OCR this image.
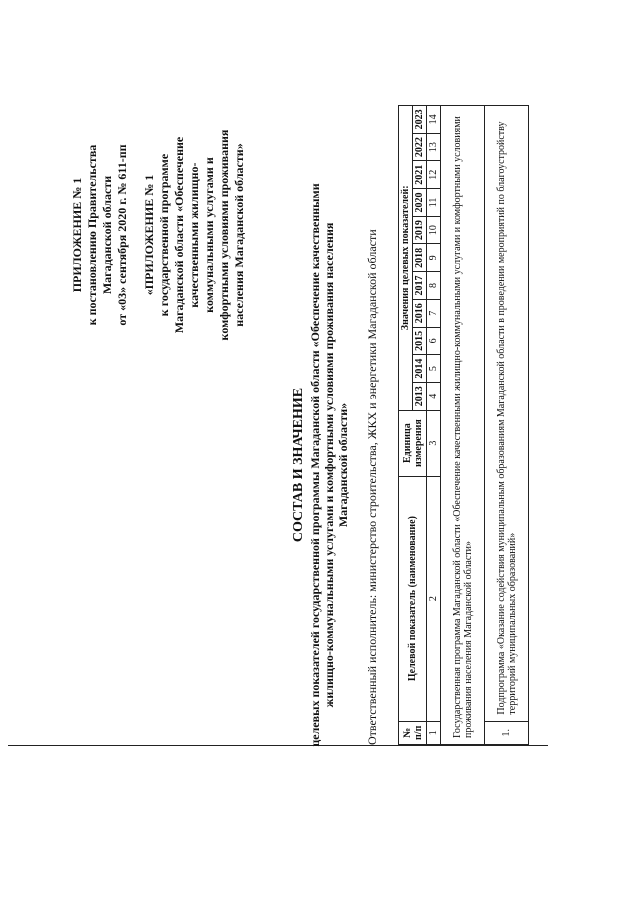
ПРИЛОЖЕНИЕ № 1 к постановлению Правительства Магаданской области от «03» сентября 2020 г. № 611-пп «ПРИЛОЖЕНИЕ № 1 к государственной программе Магаданской области «Обеспечение качественными жилищно- коммунальными услугами и комфортными условиями проживания населения Магаданской области»
СОСТАВ И ЗНАЧЕНИЕ целевых показателей государственной программы Магаданской области «Обеспечение качественными жилищно-коммунальными услугами и комфортными условиями проживания населения Магаданской области» Ответственный исполнитель: министерство строительства, ЖКХ и энергетики Магаданской области № п/п	Целевой показатель (наименование)	Единица измерения	Значения целевых показателей:										
			2013	2014	2015	2016	2017	2018	2019	2020	2021	2022	2023
1	2	3	4	5	6	7	8	9	10	11	12	13	14
Государственная программа Магаданской области «Обеспечение качественными жилищно-коммунальными услугами и комфортными условиями проживания населения Магаданской области»													
1.	Подпрограмма «Оказание содействия муниципальным образованиям Магаданской области в проведении мероприятий по благоустройству территорий муниципальных образований»												
